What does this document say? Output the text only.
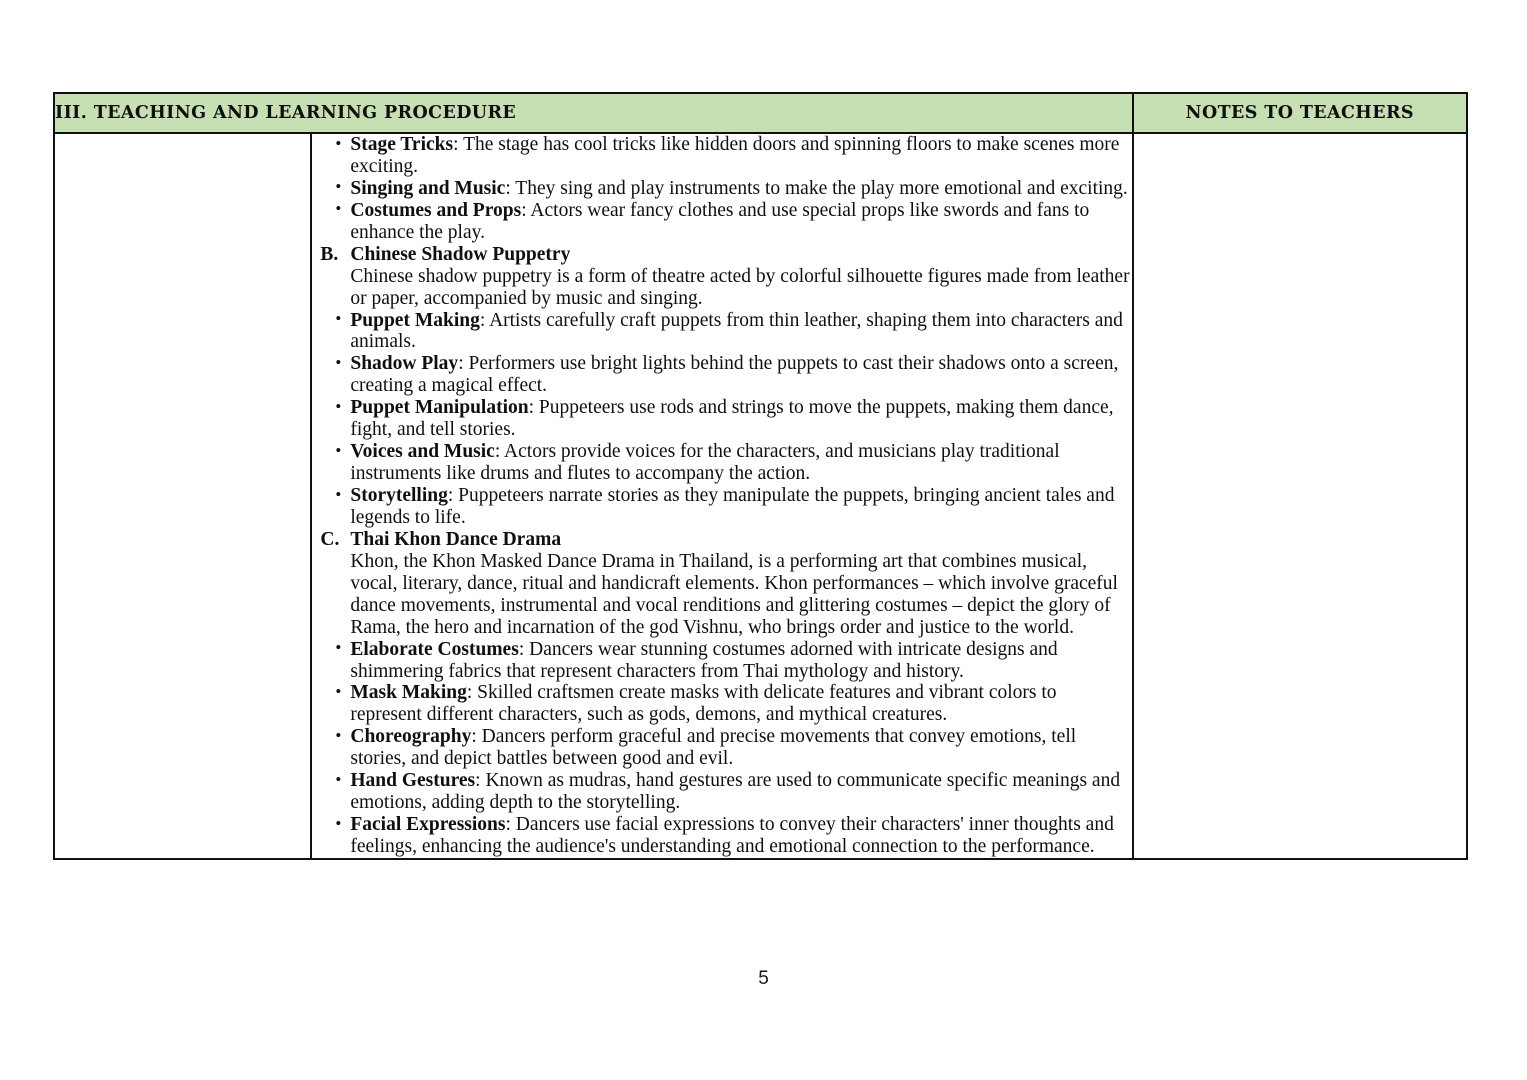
III. TEACHING AND LEARNING PROCEDURE		NOTES TO TEACHERS

• Stage Tricks: The stage has cool tricks like hidden doors and spinning floors to make scenes more exciting.
• Singing and Music: They sing and play instruments to make the play more emotional and exciting.
• Costumes and Props: Actors wear fancy clothes and use special props like swords and fans to enhance the play.
B. Chinese Shadow Puppetry
Chinese shadow puppetry is a form of theatre acted by colorful silhouette figures made from leather or paper, accompanied by music and singing.
• Puppet Making: Artists carefully craft puppets from thin leather, shaping them into characters and animals.
• Shadow Play: Performers use bright lights behind the puppets to cast their shadows onto a screen, creating a magical effect.
• Puppet Manipulation: Puppeteers use rods and strings to move the puppets, making them dance, fight, and tell stories.
• Voices and Music: Actors provide voices for the characters, and musicians play traditional instruments like drums and flutes to accompany the action.
• Storytelling: Puppeteers narrate stories as they manipulate the puppets, bringing ancient tales and legends to life.
C. Thai Khon Dance Drama
Khon, the Khon Masked Dance Drama in Thailand, is a performing art that combines musical, vocal, literary, dance, ritual and handicraft elements. Khon performances – which involve graceful dance movements, instrumental and vocal renditions and glittering costumes – depict the glory of Rama, the hero and incarnation of the god Vishnu, who brings order and justice to the world.
• Elaborate Costumes: Dancers wear stunning costumes adorned with intricate designs and shimmering fabrics that represent characters from Thai mythology and history.
• Mask Making: Skilled craftsmen create masks with delicate features and vibrant colors to represent different characters, such as gods, demons, and mythical creatures.
• Choreography: Dancers perform graceful and precise movements that convey emotions, tell stories, and depict battles between good and evil.
• Hand Gestures: Known as mudras, hand gestures are used to communicate specific meanings and emotions, adding depth to the storytelling.
• Facial Expressions: Dancers use facial expressions to convey their characters' inner thoughts and feelings, enhancing the audience's understanding and emotional connection to the performance.

5
